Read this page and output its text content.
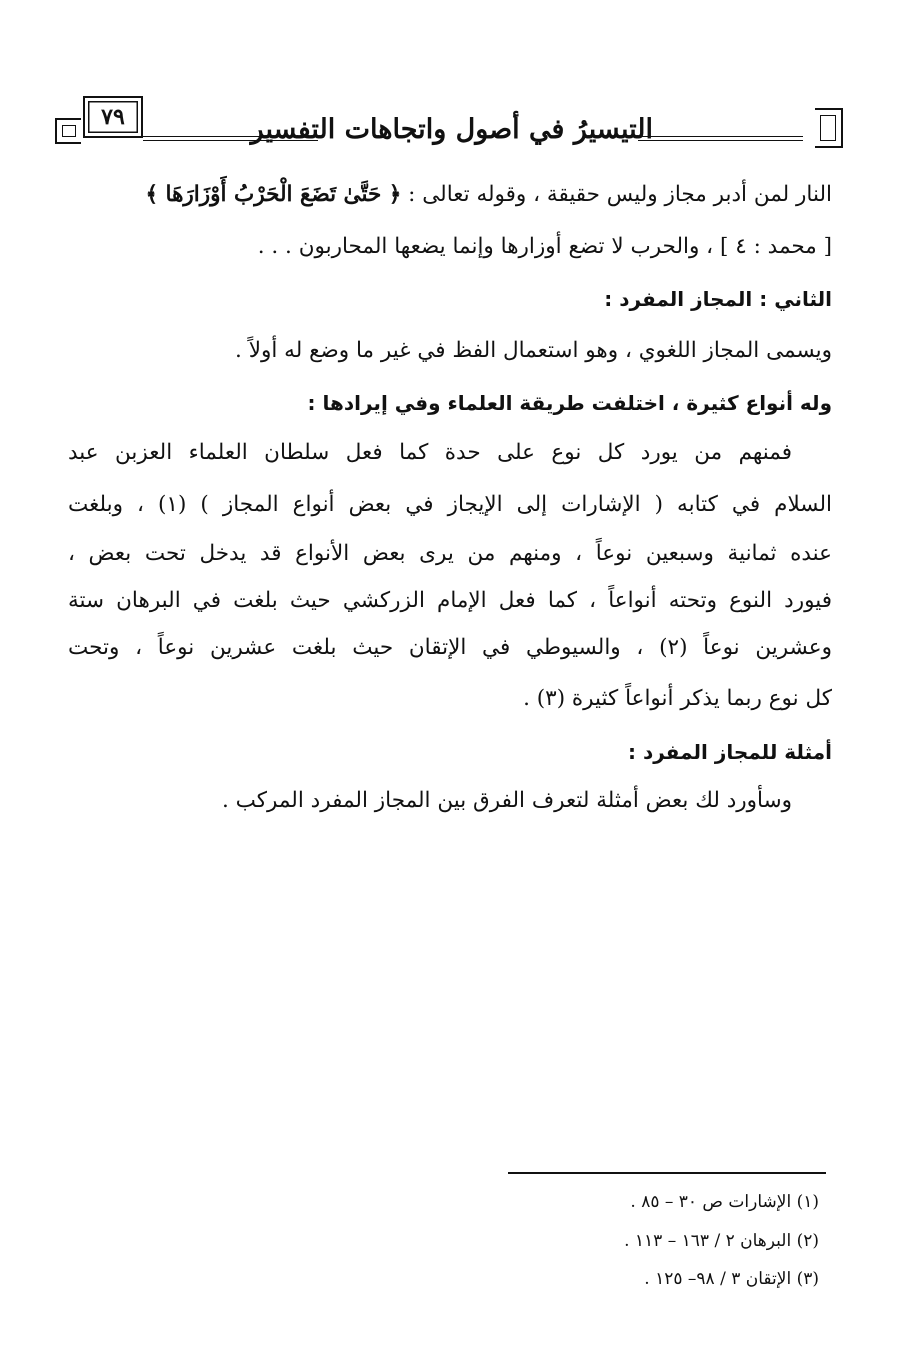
التيسيرُ في أصول واتجاهات التفسير
٧٩
النار لمن أدبر مجاز وليس حقيقة ، وقوله تعالى : ﴿ حَتَّىٰ تَضَعَ الْحَرْبُ أَوْزَارَهَا ﴾
[ محمد : ٤ ] ، والحرب لا تضع أوزارها وإنما يضعها المحاربون . . .
الثاني : المجاز المفرد :
ويسمى المجاز اللغوي ، وهو استعمال الفظ في غير ما وضع له أولاً .
وله أنواع كثيرة ، اختلفت طريقة العلماء وفي إيرادها :
فمنهم من يورد كل نوع على حدة كما فعل سلطان العلماء العزبن عبد
السلام في كتابه ( الإشارات إلى الإيجاز في بعض أنواع المجاز ) (١) ، وبلغت
عنده ثمانية وسبعين نوعاً ، ومنهم من يرى بعض الأنواع قد يدخل تحت بعض ،
فيورد النوع وتحته أنواعاً ، كما فعل الإمام الزركشي حيث بلغت في البرهان ستة
وعشرين نوعاً (٢) ، والسيوطي في الإتقان حيث بلغت عشرين نوعاً ، وتحت
كل نوع ربما يذكر أنواعاً كثيرة (٣) .
أمثلة للمجاز المفرد :
وسأورد لك بعض أمثلة لتعرف الفرق بين المجاز المفرد المركب .
(١) الإشارات ص ٣٠ – ٨٥ .
(٢) البرهان ٢ / ١٦٣ – ١١٣ .
(٣) الإتقان ٣ / ٩٨– ١٢٥ .
